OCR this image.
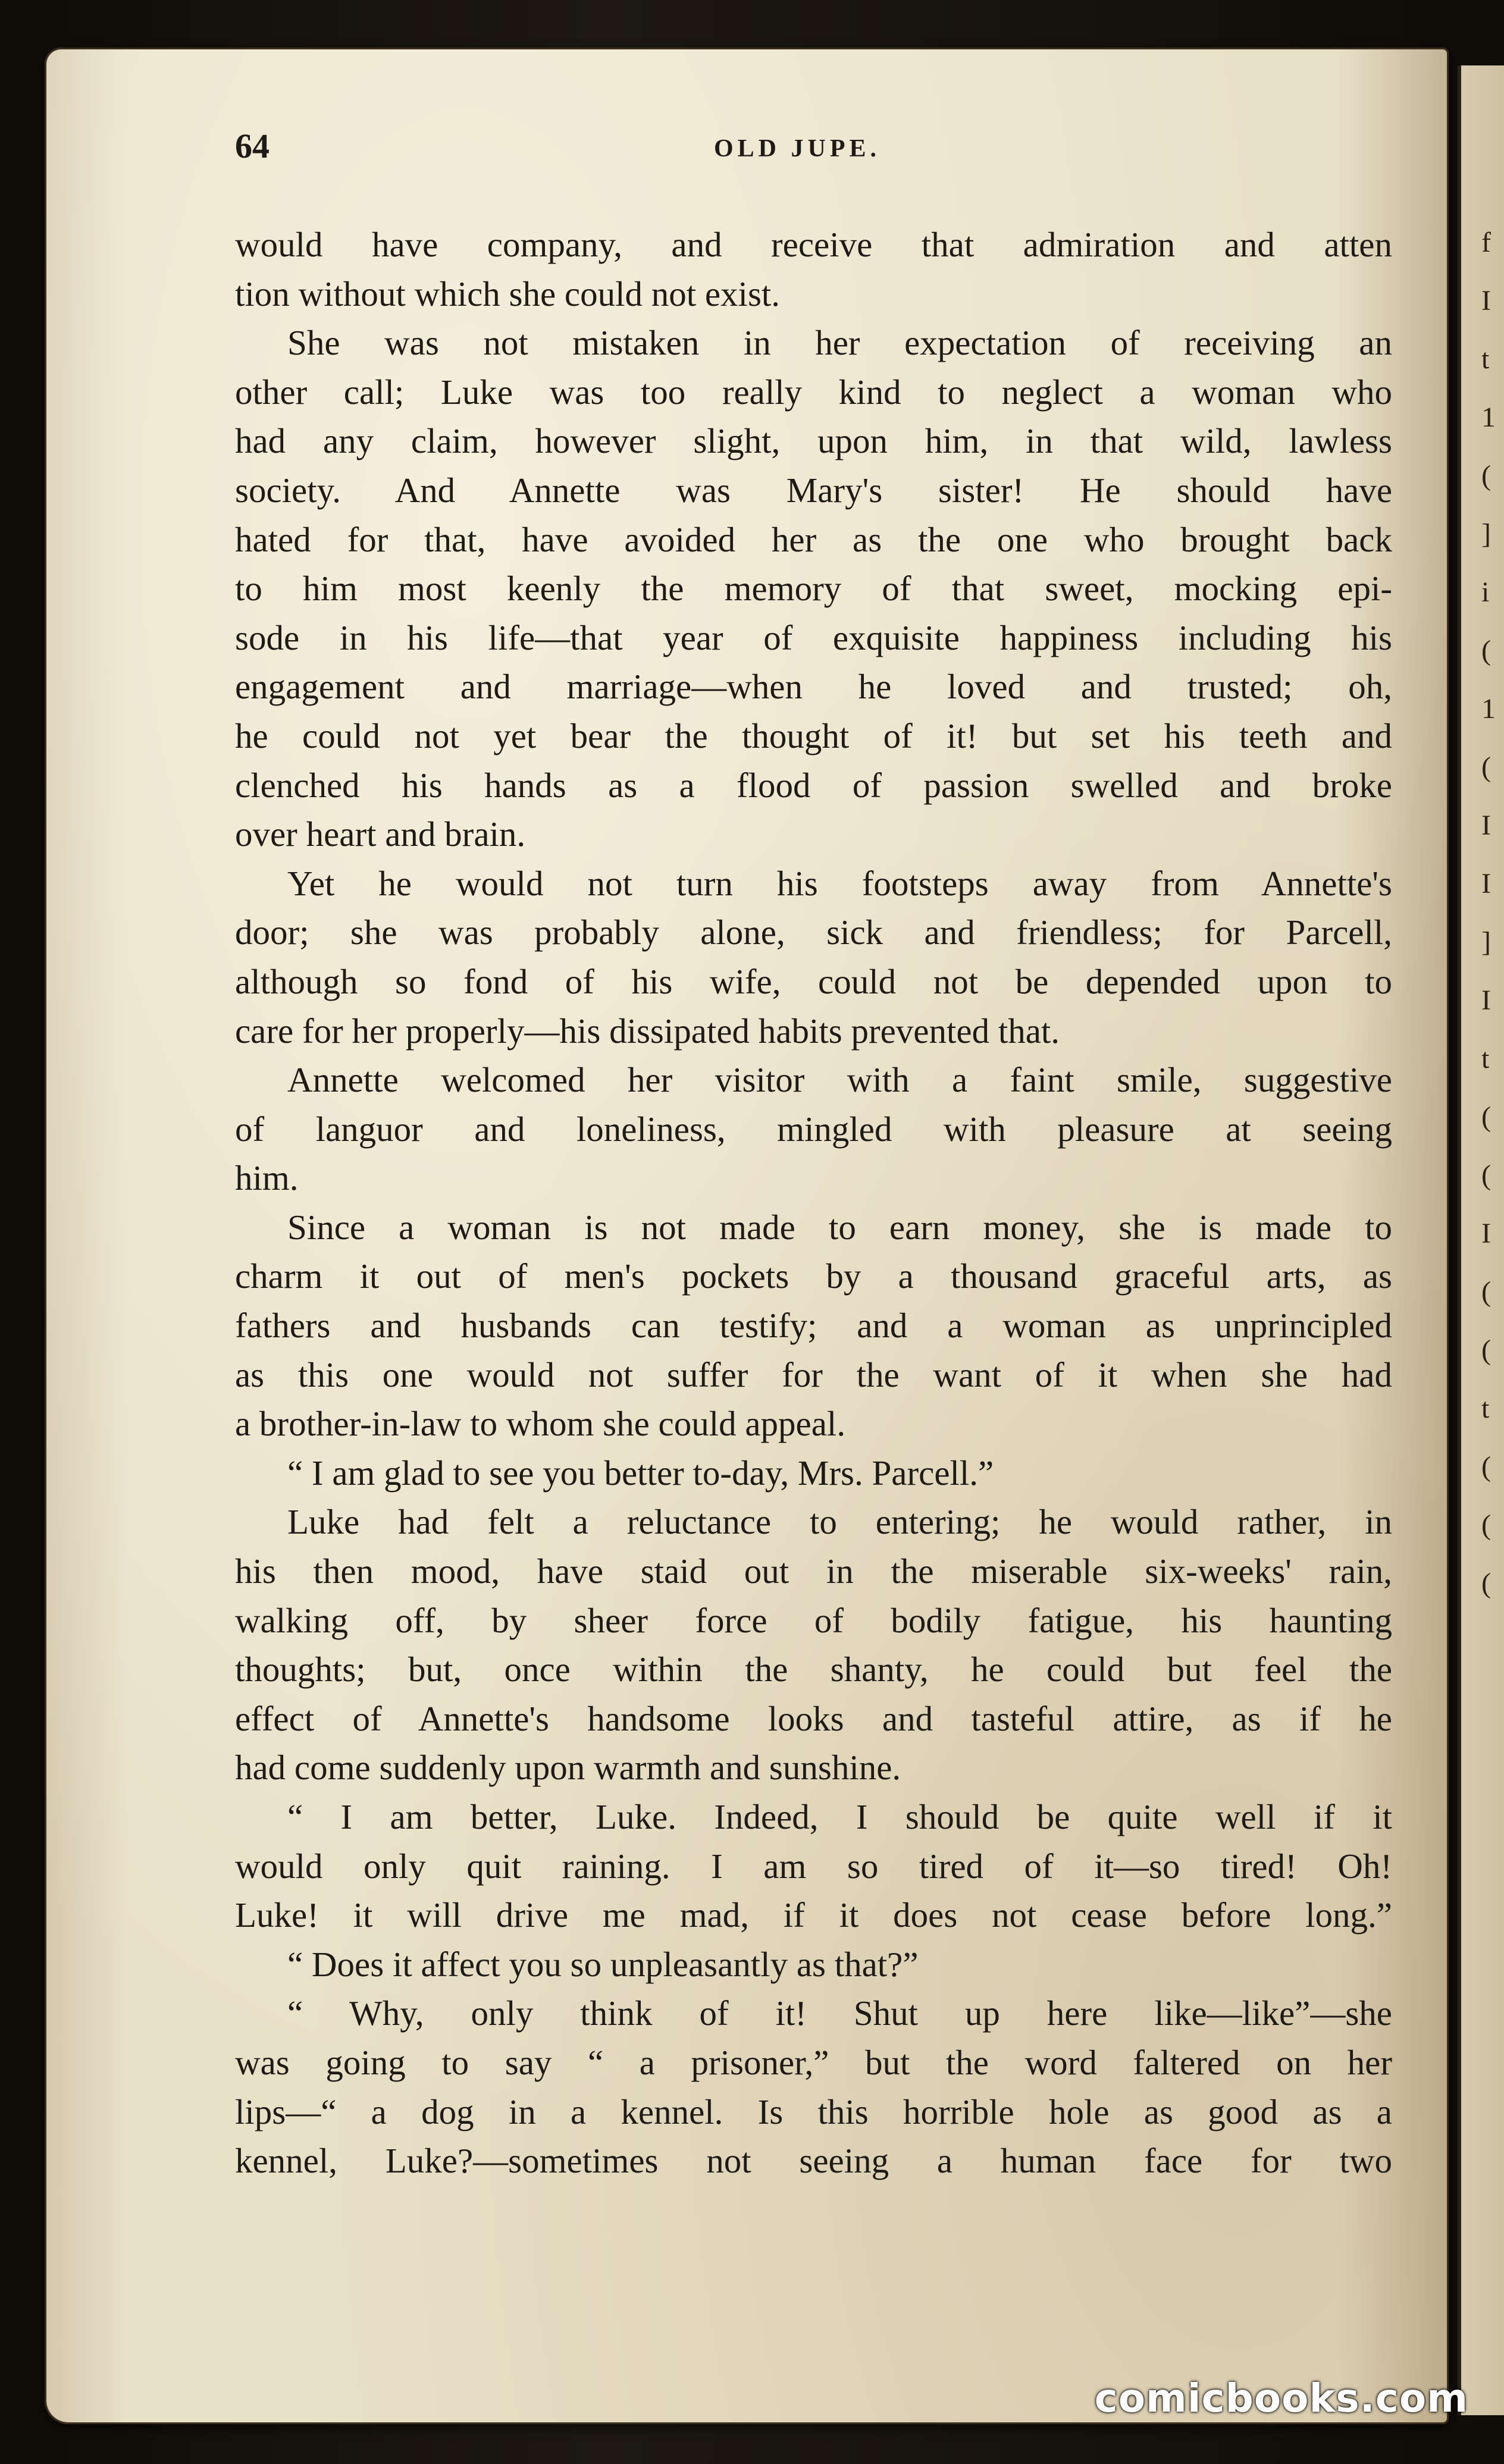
f
I
t
1
(
]
i
(
1
(
I
I
]
I
t
(
(
I
(
(
t
(
(
(
64	OLD JUPE.
would have company, and receive that admiration and atten
tion without which she could not exist.
She was not mistaken in her expectation of receiving an
other call; Luke was too really kind to neglect a woman who
had any claim, however slight, upon him, in that wild, lawless
society. And Annette was Mary's sister! He should have
hated for that, have avoided her as the one who brought back
to him most keenly the memory of that sweet, mocking epi-
sode in his life—that year of exquisite happiness including his
engagement and marriage—when he loved and trusted; oh,
he could not yet bear the thought of it! but set his teeth and
clenched his hands as a flood of passion swelled and broke
over heart and brain.
Yet he would not turn his footsteps away from Annette's
door; she was probably alone, sick and friendless; for Parcell,
although so fond of his wife, could not be depended upon to
care for her properly—his dissipated habits prevented that.
Annette welcomed her visitor with a faint smile, suggestive
of languor and loneliness, mingled with pleasure at seeing
him.
Since a woman is not made to earn money, she is made to
charm it out of men's pockets by a thousand graceful arts, as
fathers and husbands can testify; and a woman as unprincipled
as this one would not suffer for the want of it when she had
a brother-in-law to whom she could appeal.
“ I am glad to see you better to-day, Mrs. Parcell.”
Luke had felt a reluctance to entering; he would rather, in
his then mood, have staid out in the miserable six-weeks' rain,
walking off, by sheer force of bodily fatigue, his haunting
thoughts; but, once within the shanty, he could but feel the
effect of Annette's handsome looks and tasteful attire, as if he
had come suddenly upon warmth and sunshine.
“ I am better, Luke. Indeed, I should be quite well if it
would only quit raining. I am so tired of it—so tired! Oh!
Luke! it will drive me mad, if it does not cease before long.”
“ Does it affect you so unpleasantly as that?”
“ Why, only think of it! Shut up here like—like”—she
was going to say “ a prisoner,” but the word faltered on her
lips—“ a dog in a kennel. Is this horrible hole as good as a
kennel, Luke?—sometimes not seeing a human face for two
comicbooks.com
